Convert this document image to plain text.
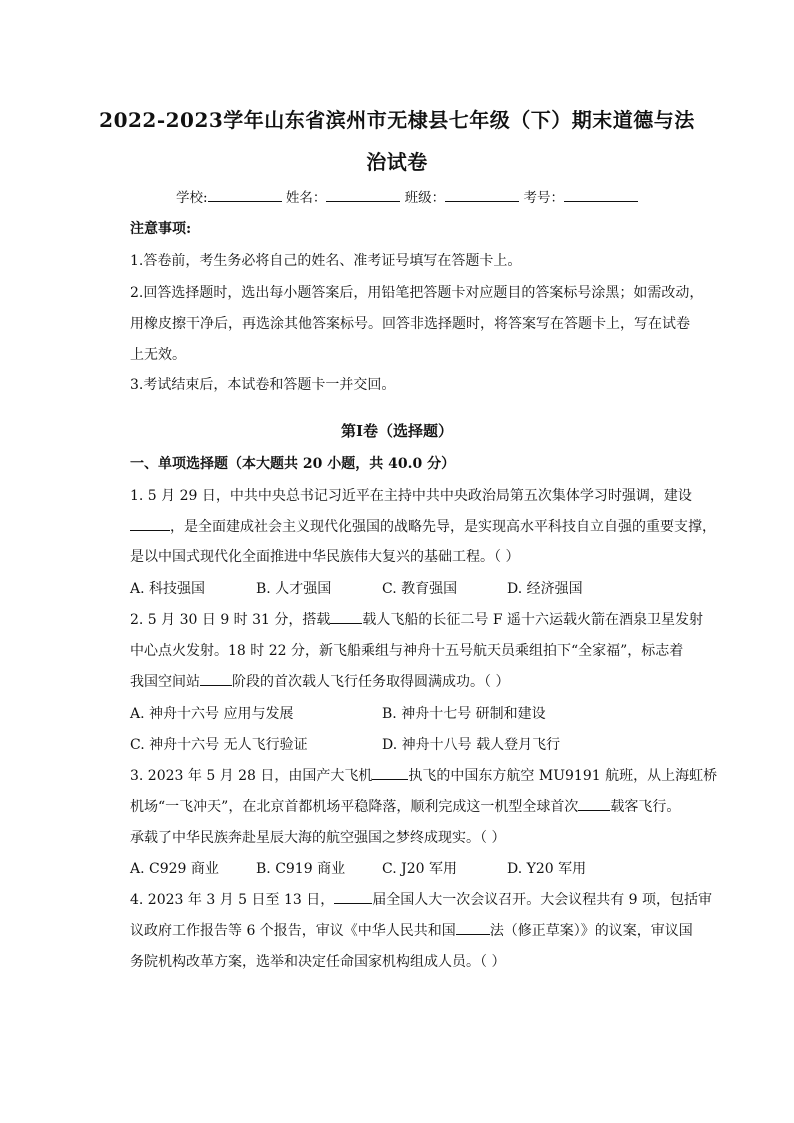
2022-2023学年山东省滨州市无棣县七年级（下）期末道德与法
治试卷
学校:	姓名：	班级：	考号：
注意事项:
1.答卷前，考生务必将自己的姓名、准考证号填写在答题卡上。
2.回答选择题时，选出每小题答案后，用铅笔把答题卡对应题目的答案标号涂黑；如需改动，
用橡皮擦干净后，再选涂其他答案标号。回答非选择题时，将答案写在答题卡上，写在试卷
上无效。
3.考试结束后，本试卷和答题卡一并交回。
第I卷（选择题）
一、单项选择题（本大题共 20 小题，共 40.0 分）
1. 5 月 29 日，中共中央总书记习近平在主持中共中央政治局第五次集体学习时强调，建设
，是全面建成社会主义现代化强国的战略先导，是实现高水平科技自立自强的重要支撑，
是以中国式现代化全面推进中华民族伟大复兴的基础工程。（ ）
A. 科技强国	B. 人才强国	C. 教育强国	D. 经济强国
2. 5 月 30 日 9 时 31 分，搭载 载人飞船的长征二号 F 遥十六运载火箭在酒泉卫星发射
中心点火发射。18 时 22 分，新飞船乘组与神舟十五号航天员乘组拍下“全家福”，标志着
我国空间站 阶段的首次载人飞行任务取得圆满成功。（ ）
A. 神舟十六号 应用与发展	B. 神舟十七号 研制和建设
C. 神舟十六号 无人飞行验证	D. 神舟十八号 载人登月飞行
3. 2023 年 5 月 28 日，由国产大飞机	执飞的中国东方航空 MU9191 航班，从上海虹桥
机场“一飞冲天”，在北京首都机场平稳降落，顺利完成这一机型全球首次 载客飞行。
承载了中华民族奔赴星辰大海的航空强国之梦终成现实。（ ）
A. C929 商业	B. C919 商业	C. J20 军用	D. Y20 军用
4. 2023 年 3 月 5 日至 13 日，	届全国人大一次会议召开。大会议程共有 9 项，包括审
议政府工作报告等 6 个报告，审议《中华人民共和国 法（修正草案）》的议案，审议国
务院机构改革方案，选举和决定任命国家机构组成人员。（ ）
